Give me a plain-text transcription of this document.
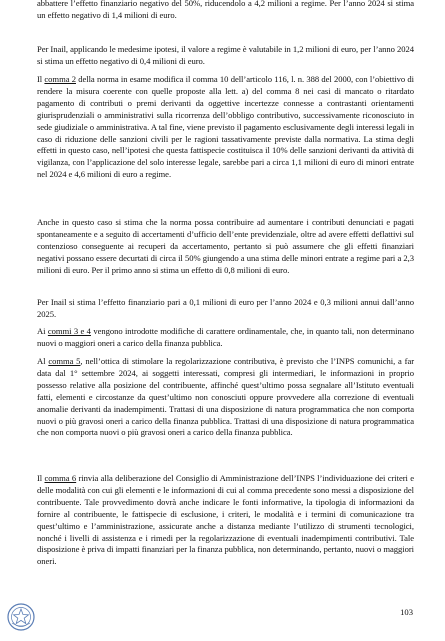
abbattere l’effetto finanziario negativo del 50%, riducendolo a 4,2 milioni a regime. Per l’anno 2024 si stima un effetto negativo di 1,4 milioni di euro.

Per Inail, applicando le medesime ipotesi, il valore a regime è valutabile in 1,2 milioni di euro, per l’anno 2024 si stima un effetto negativo di 0,4 milioni di euro.

Il comma 2 della norma in esame modifica il comma 10 dell’articolo 116, l. n. 388 del 2000, con l’obiettivo di rendere la misura coerente con quelle proposte alla lett. a) del comma 8 nei casi di mancato o ritardato pagamento di contributi o premi derivanti da oggettive incertezze connesse a contrastanti orientamenti giurisprudenziali o amministrativi sulla ricorrenza dell’obbligo contributivo, successivamente riconosciuto in sede giudiziale o amministrativa. A tal fine, viene previsto il pagamento esclusivamente degli interessi legali in caso di riduzione delle sanzioni civili per le ragioni tassativamente previste dalla normativa. La stima degli effetti in questo caso, nell’ipotesi che questa fattispecie costituisca il 10% delle sanzioni derivanti da attività di vigilanza, con l’applicazione del solo interesse legale, sarebbe pari a circa 1,1 milioni di euro di minori entrate nel 2024 e 4,6 milioni di euro a regime.

Anche in questo caso si stima che la norma possa contribuire ad aumentare i contributi denunciati e pagati spontaneamente e a seguito di accertamenti d’ufficio dell’ente previdenziale, oltre ad avere effetti deflattivi sul contenzioso conseguente ai recuperi da accertamento, pertanto si può assumere che gli effetti finanziari negativi possano essere decurtati di circa il 50% giungendo a una stima delle minori entrate a regime pari a 2,3 milioni di euro. Per il primo anno si stima un effetto di 0,8 milioni di euro.

Per Inail si stima l’effetto finanziario pari a 0,1 milioni di euro per l’anno 2024 e 0,3 milioni annui dall’anno 2025.

Ai commi 3 e 4 vengono introdotte modifiche di carattere ordinamentale, che, in quanto tali, non determinano nuovi o maggiori oneri a carico della finanza pubblica.

Al comma 5, nell’ottica di stimolare la regolarizzazione contributiva, è previsto che l’INPS comunichi, a far data dal 1° settembre 2024, ai soggetti interessati, compresi gli intermediari, le informazioni in proprio possesso relative alla posizione del contribuente, affinché quest’ultimo possa segnalare all’Istituto eventuali fatti, elementi e circostanze da quest’ultimo non conosciuti oppure provvedere alla correzione di eventuali anomalie derivanti da inadempimenti. Trattasi di una disposizione di natura programmatica che non comporta nuovi o più gravosi oneri a carico della finanza pubblica. Trattasi di una disposizione di natura programmatica che non comporta nuovi o più gravosi oneri a carico della finanza pubblica.

Il comma 6 rinvia alla deliberazione del Consiglio di Amministrazione dell’INPS l’individuazione dei criteri e delle modalità con cui gli elementi e le informazioni di cui al comma precedente sono messi a disposizione del contribuente. Tale provvedimento dovrà anche indicare le fonti informative, la tipologia di informazioni da fornire al contribuente, le fattispecie di esclusione, i criteri, le modalità e i termini di comunicazione tra quest’ultimo e l’amministrazione, assicurate anche a distanza mediante l’utilizzo di strumenti tecnologici, nonché i livelli di assistenza e i rimedi per la regolarizzazione di eventuali inadempimenti contributivi. Tale disposizione è priva di impatti finanziari per la finanza pubblica, non determinando, pertanto, nuovi o maggiori oneri.

103
